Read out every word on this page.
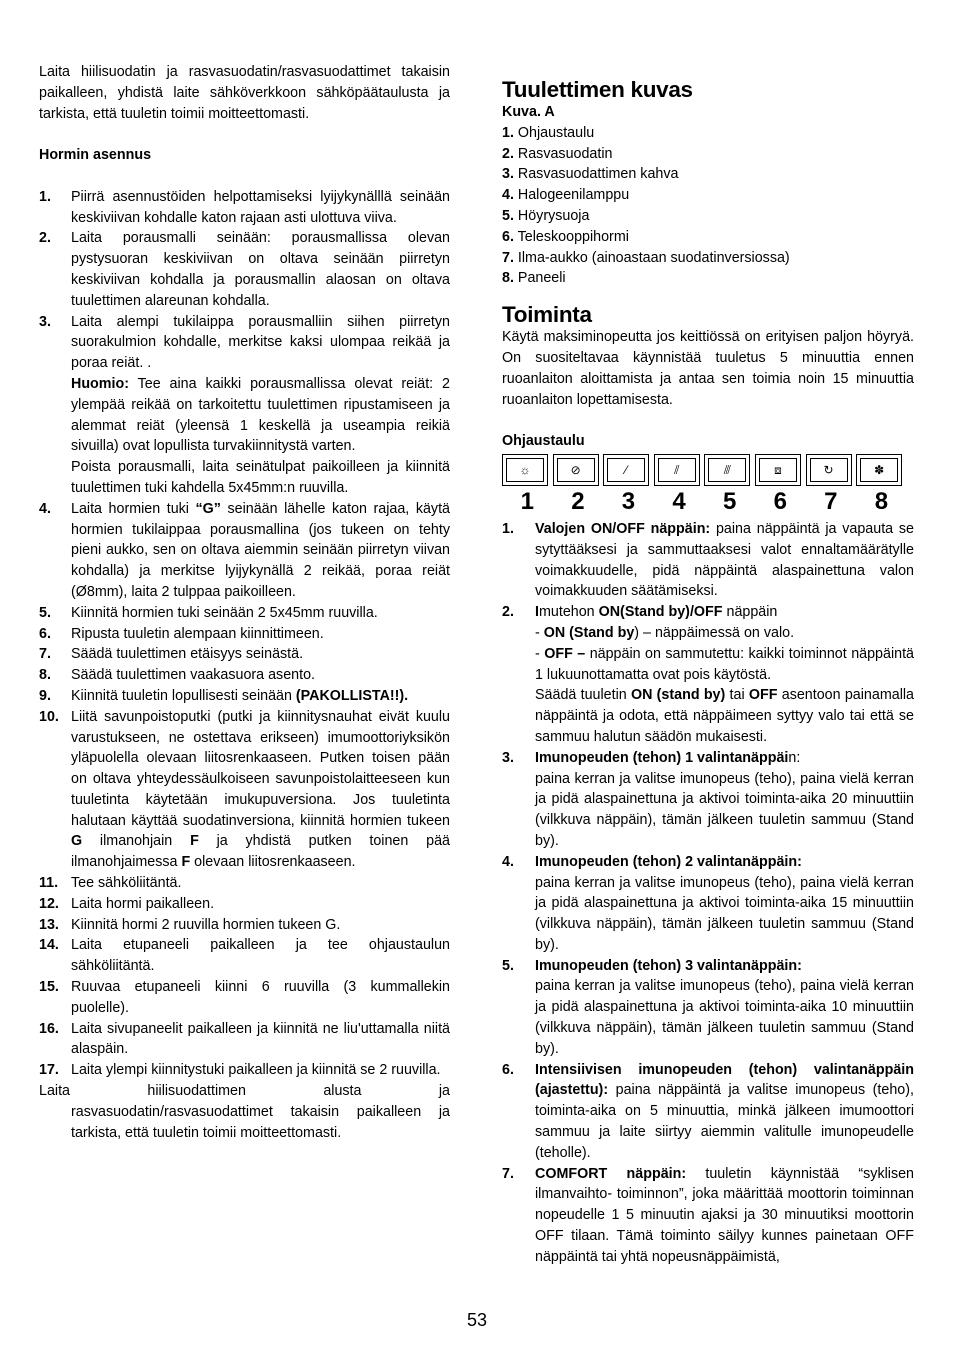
Laita hiilisuodatin ja rasvasuodatin/rasvasuodattimet takaisin paikalleen, yhdistä laite sähköverkkoon sähköpäätaulusta ja tarkista, että tuuletin toimii moitteettomasti.

Hormin asennus

1.	Piirrä asennustöiden helpottamiseksi lyijykynälllä seinään keskiviivan kohdalle katon rajaan asti ulottuva viiva.
2.	Laita porausmalli seinään: porausmallissa olevan pystysuoran keskiviivan on oltava seinään piirretyn keskiviivan kohdalla ja porausmallin alaosan on oltava tuulettimen alareunan kohdalla.
3.	Laita alempi tukilaippa porausmalliin siihen piirretyn suorakulmion kohdalle, merkitse kaksi ulompaa reikää ja poraa reiät. .

Huomio: Tee aina kaikki porausmallissa olevat reiät: 2 ylempää reikää on tarkoitettu tuulettimen ripustamiseen ja alemmat reiät (yleensä 1 keskellä ja useampia reikiä sivuilla) ovat lopullista turvakiinnitystä varten.

Poista porausmalli, laita seinätulpat paikoilleen ja kiinnitä tuulettimen tuki kahdella 5x45mm:n ruuvilla.

4.	Laita hormien tuki “G” seinään lähelle katon rajaa, käytä hormien tukilaippaa porausmallina (jos tukeen on tehty pieni aukko, sen on oltava aiemmin seinään piirretyn viivan kohdalla) ja merkitse lyijykynällä 2 reikää, poraa reiät (Ø8mm), laita 2 tulppaa paikoilleen.
5.	Kiinnitä hormien tuki seinään 2 5x45mm ruuvilla.
6.	Ripusta tuuletin alempaan kiinnittimeen.
7.	Säädä tuulettimen etäisyys seinästä.
8.	Säädä tuulettimen vaakasuora asento.
9.	Kiinnitä tuuletin lopullisesti seinään (PAKOLLISTA!!).
10. Liitä savunpoistoputki (putki ja kiinnitysnauhat eivät kuulu varustukseen, ne ostettava erikseen) imumoottoriyksikön yläpuolella olevaan liitosrenkaaseen. Putken toisen pään on oltava yhteydessäulkoiseen savunpoistolaitteeseen kun tuuletinta käytetään imukupuversiona. Jos tuuletinta halutaan käyttää suodatinversiona, kiinnitä hormien tukeen G ilmanohjain F ja yhdistä putken toinen pää ilmanohjaimessa F olevaan liitosrenkaaseen.
11. Tee sähköliitäntä.
12. Laita hormi paikalleen.
13. Kiinnitä hormi 2 ruuvilla hormien tukeen G.
14. Laita etupaneeli paikalleen ja tee ohjaustaulun sähköliitäntä.
15. Ruuvaa etupaneeli kiinni 6 ruuvilla (3 kummallekin puolelle).
16. Laita sivupaneelit paikalleen ja kiinnitä ne liu'uttamalla niitä alaspäin.
17. Laita ylempi kiinnitystuki paikalleen ja kiinnitä se 2 ruuvilla.

Laita	hiilisuodattimen	alusta	ja

rasvasuodatin/rasvasuodattimet takaisin paikalleen ja tarkista, että tuuletin toimii moitteettomasti.

Tuulettimen kuvas

Kuva. A

1. Ohjaustaulu

2. Rasvasuodatin

3. Rasvasuodattimen kahva

4. Halogeenilamppu

5. Höyrysuoja

6. Teleskooppihormi

7. Ilma-aukko (ainoastaan suodatinversiossa)

8. Paneeli

Toiminta

Käytä maksiminopeutta jos keittiössä on erityisen paljon höyryä. On suositeltavaa käynnistää tuuletus 5 minuuttia ennen ruoanlaiton aloittamista ja antaa sen toimia noin 15 minuuttia ruoanlaiton lopettamisesta.

Ohjaustaulu

☼	⊘	⁄	⫽	⫻	⧈	↻	✽
1	2	3	4	5	6	7	8
1.	Valojen ON/OFF näppäin: paina näppäintä ja vapauta se sytyttääksesi ja sammuttaaksesi valot ennaltamäärätylle voimakkuudelle, pidä näppäintä alaspainettuna valon voimakkuuden säätämiseksi.
2.	Imutehon ON(Stand by)/OFF näppäin

- ON (Stand by) – näppäimessä on valo.

- OFF – näppäin on sammutettu: kaikki toiminnot näppäintä 1 lukuunottamatta ovat pois käytöstä.

Säädä tuuletin ON (stand by) tai OFF asentoon painamalla näppäintä ja odota, että näppäimeen syttyy valo tai että se sammuu halutun säädön mukaisesti.

3.	Imunopeuden (tehon) 1 valintanäppäin:

paina kerran ja valitse imunopeus (teho), paina vielä kerran ja pidä alaspainettuna ja aktivoi toiminta-aika 20 minuuttiin (vilkkuva näppäin), tämän jälkeen tuuletin sammuu (Stand by).

4.	Imunopeuden (tehon) 2 valintanäppäin:

paina kerran ja valitse imunopeus (teho), paina vielä kerran ja pidä alaspainettuna ja aktivoi toiminta-aika 15 minuuttiin (vilkkuva näppäin), tämän jälkeen tuuletin sammuu (Stand by).

5.	Imunopeuden (tehon) 3 valintanäppäin:

paina kerran ja valitse imunopeus (teho), paina vielä kerran ja pidä alaspainettuna ja aktivoi toiminta-aika 10 minuuttiin (vilkkuva näppäin), tämän jälkeen tuuletin sammuu (Stand by).

6.	Intensiivisen imunopeuden (tehon) valintanäppäin (ajastettu): paina näppäintä ja valitse imunopeus (teho), toiminta-aika on 5 minuuttia, minkä jälkeen imumoottori sammuu ja laite siirtyy aiemmin valitulle imunopeudelle (teholle).
7.	COMFORT näppäin: tuuletin käynnistää “syklisen ilmanvaihto- toiminnon”, joka määrittää moottorin toiminnan nopeudelle 1 5 minuutin ajaksi ja 30 minuutiksi moottorin OFF tilaan. Tämä toiminto säilyy kunnes painetaan OFF näppäintä tai yhtä nopeusnäppäimistä,
53
